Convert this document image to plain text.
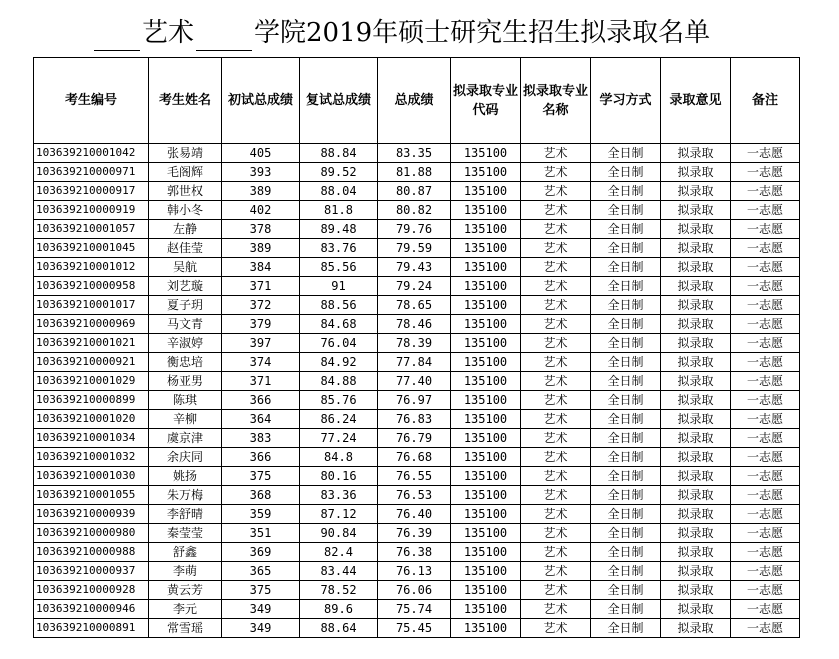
艺术 学院2019年硕士研究生招生拟录取名单
考生编号	考生姓名	初试总成绩	复试总成绩	总成绩	拟录取专业代码	拟录取专业名称	学习方式	录取意见	备注
103639210001042	张易靖	405	88.84	83.35	135100	艺术	全日制	拟录取	一志愿
103639210000971	毛阁辉	393	89.52	81.88	135100	艺术	全日制	拟录取	一志愿
103639210000917	郭世权	389	88.04	80.87	135100	艺术	全日制	拟录取	一志愿
103639210000919	韩小冬	402	81.8	80.82	135100	艺术	全日制	拟录取	一志愿
103639210001057	左静	378	89.48	79.76	135100	艺术	全日制	拟录取	一志愿
103639210001045	赵佳莹	389	83.76	79.59	135100	艺术	全日制	拟录取	一志愿
103639210001012	吴航	384	85.56	79.43	135100	艺术	全日制	拟录取	一志愿
103639210000958	刘艺璇	371	91	79.24	135100	艺术	全日制	拟录取	一志愿
103639210001017	夏子玥	372	88.56	78.65	135100	艺术	全日制	拟录取	一志愿
103639210000969	马文青	379	84.68	78.46	135100	艺术	全日制	拟录取	一志愿
103639210001021	辛淑婷	397	76.04	78.39	135100	艺术	全日制	拟录取	一志愿
103639210000921	衡忠培	374	84.92	77.84	135100	艺术	全日制	拟录取	一志愿
103639210001029	杨亚男	371	84.88	77.40	135100	艺术	全日制	拟录取	一志愿
103639210000899	陈琪	366	85.76	76.97	135100	艺术	全日制	拟录取	一志愿
103639210001020	辛柳	364	86.24	76.83	135100	艺术	全日制	拟录取	一志愿
103639210001034	虞京津	383	77.24	76.79	135100	艺术	全日制	拟录取	一志愿
103639210001032	余庆同	366	84.8	76.68	135100	艺术	全日制	拟录取	一志愿
103639210001030	姚扬	375	80.16	76.55	135100	艺术	全日制	拟录取	一志愿
103639210001055	朱万梅	368	83.36	76.53	135100	艺术	全日制	拟录取	一志愿
103639210000939	李舒晴	359	87.12	76.40	135100	艺术	全日制	拟录取	一志愿
103639210000980	秦莹莹	351	90.84	76.39	135100	艺术	全日制	拟录取	一志愿
103639210000988	舒鑫	369	82.4	76.38	135100	艺术	全日制	拟录取	一志愿
103639210000937	李萌	365	83.44	76.13	135100	艺术	全日制	拟录取	一志愿
103639210000928	黄云芳	375	78.52	76.06	135100	艺术	全日制	拟录取	一志愿
103639210000946	李元	349	89.6	75.74	135100	艺术	全日制	拟录取	一志愿
103639210000891	常雪瑶	349	88.64	75.45	135100	艺术	全日制	拟录取	一志愿
